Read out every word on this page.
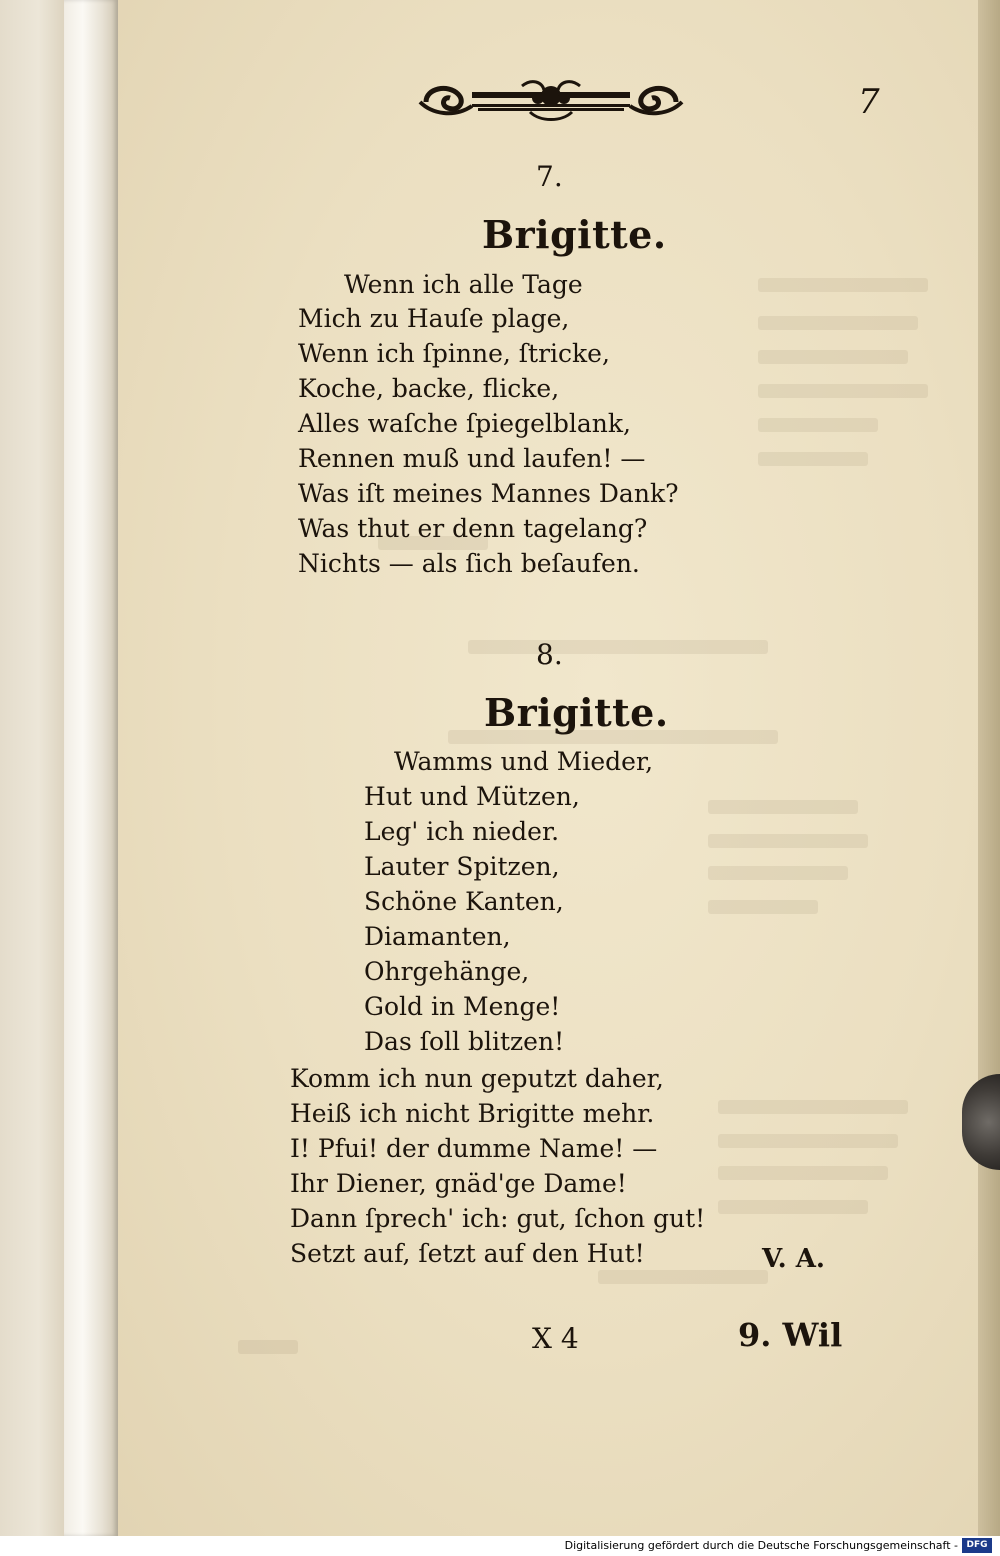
7

7.

Brigitte.

Wenn ich alle Tage

Mich zu Hauſe plage,

Wenn ich ſpinne, ſtricke,

Koche, backe, flicke,

Alles waſche ſpiegelblank,

Rennen muß und laufen! —

Was iſt meines Mannes Dank?

Was thut er denn tagelang?

Nichts — als ſich beſaufen.

8.

Brigitte.

Wamms und Mieder,

Hut und Mützen,

Leg' ich nieder.

Lauter Spitzen,

Schöne Kanten,

Diamanten,

Ohrgehänge,

Gold in Menge!

Das ſoll blitzen!

Komm ich nun geputzt daher,

Heiß ich nicht Brigitte mehr.

I! Pfui! der dumme Name! —

Ihr Diener, gnäd'ge Dame!

Dann ſprech' ich: gut, ſchon gut!

Setzt auf, ſetzt auf den Hut!	V. A.

X 4	9. Wil

Digitalisierung gefördert durch die Deutsche Forschungsgemeinschaft - DFG
